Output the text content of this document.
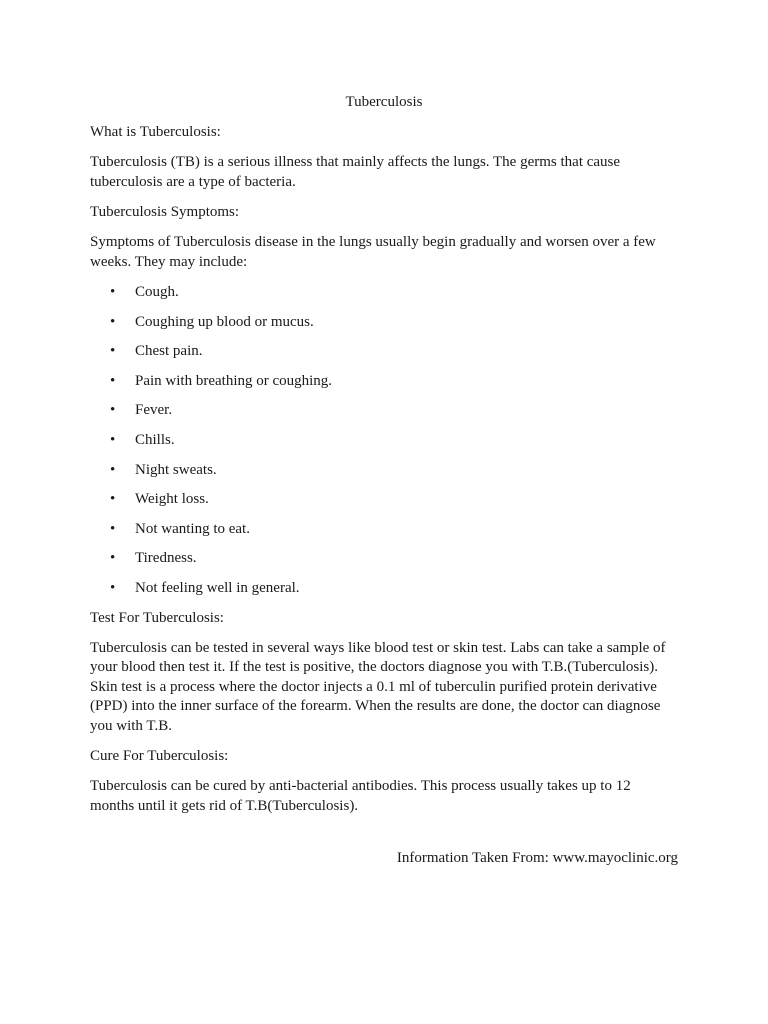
Tuberculosis
What is Tuberculosis:
Tuberculosis (TB) is a serious illness that mainly affects the lungs. The germs that cause tuberculosis are a type of bacteria.
Tuberculosis Symptoms:
Symptoms of Tuberculosis disease in the lungs usually begin gradually and worsen over a few weeks. They may include:
• Cough.
• Coughing up blood or mucus.
• Chest pain.
• Pain with breathing or coughing.
• Fever.
• Chills.
• Night sweats.
• Weight loss.
• Not wanting to eat.
• Tiredness.
• Not feeling well in general.
Test For Tuberculosis:
Tuberculosis can be tested in several ways like blood test or skin test. Labs can take a sample of your blood then test it. If the test is positive, the doctors diagnose you with T.B.(Tuberculosis). Skin test is a process where the doctor injects a 0.1 ml of tuberculin purified protein derivative (PPD) into the inner surface of the forearm. When the results are done, the doctor can diagnose you with T.B.
Cure For Tuberculosis:
Tuberculosis can be cured by anti-bacterial antibodies. This process usually takes up to 12 months until it gets rid of T.B(Tuberculosis).
Information Taken From: www.mayoclinic.org
